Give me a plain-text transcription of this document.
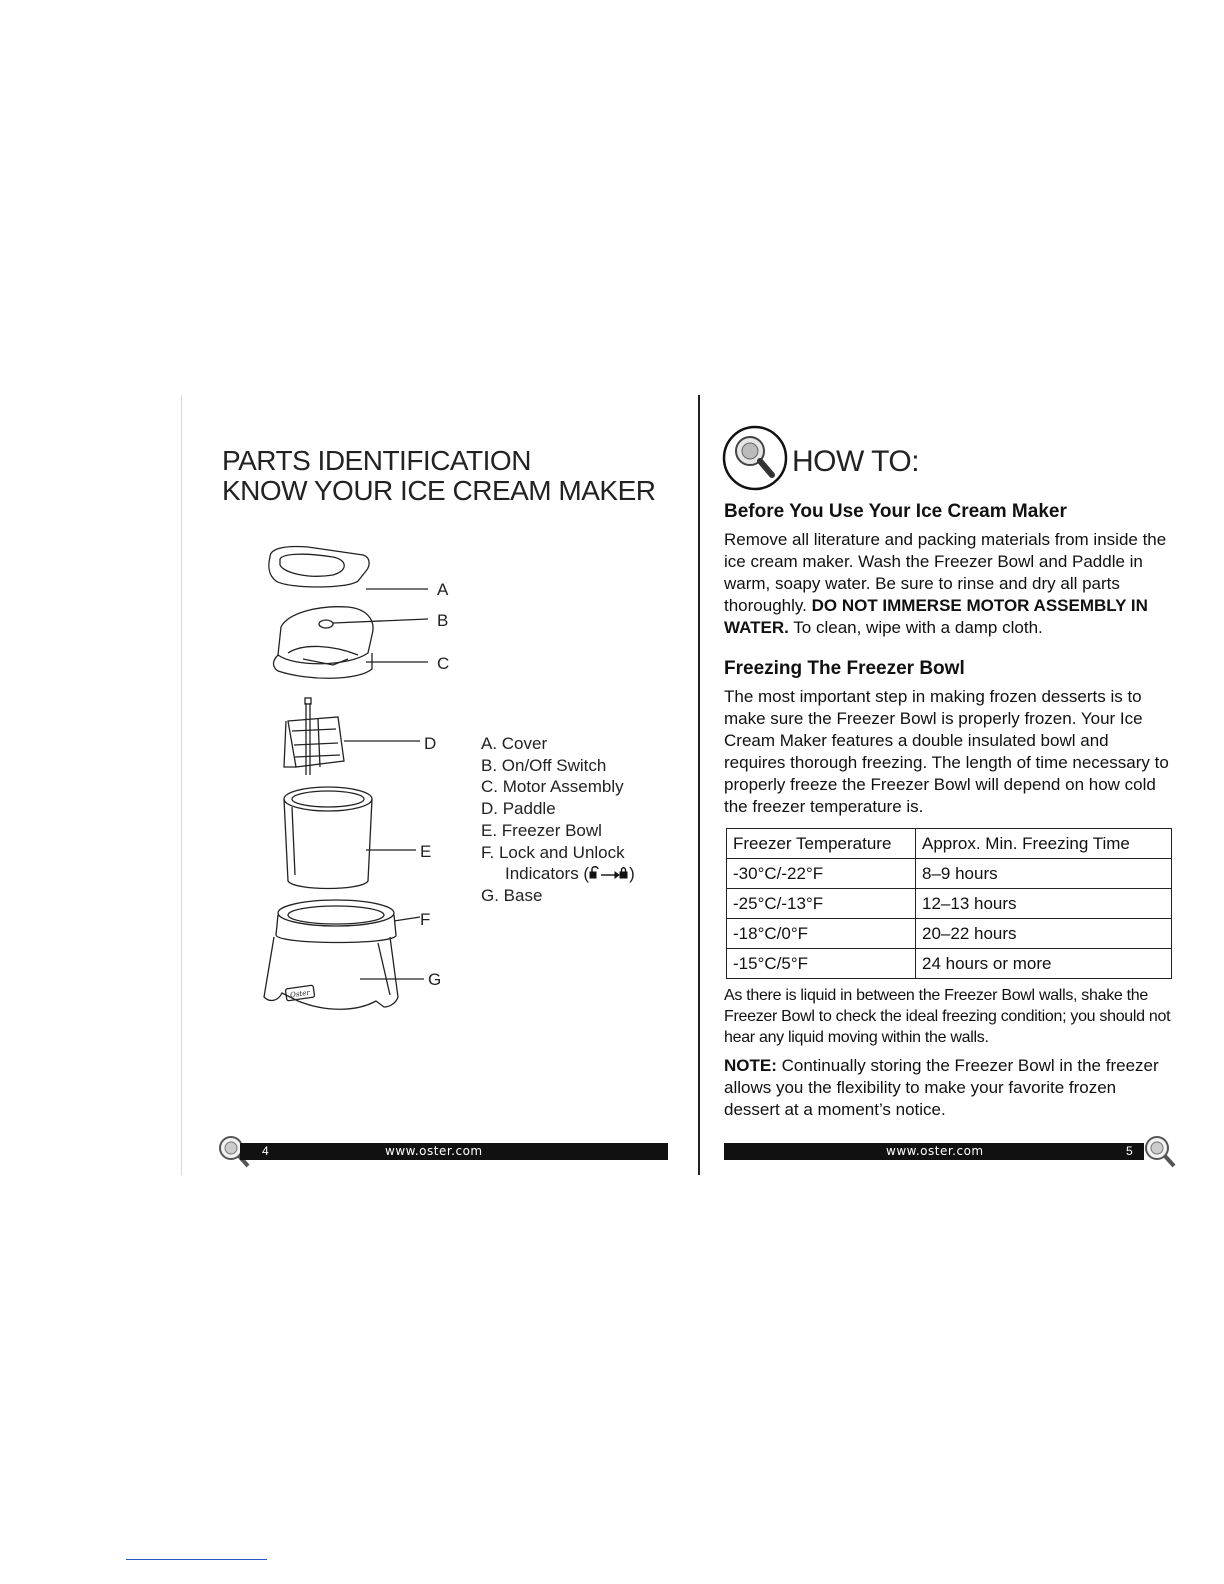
PARTS IDENTIFICATION
KNOW YOUR ICE CREAM MAKER
A
B
C
D
E
F
G
Oster
A. Cover
B. On/Off Switch
C. Motor Assembly
D. Paddle
E. Freezer Bowl
F. Lock and Unlock
Indicators ( )
G. Base
4	www.oster.com
HOW TO:
Before You Use Your Ice Cream Maker
Remove all literature and packing materials from inside the ice cream maker. Wash the Freezer Bowl and Paddle in warm, soapy water. Be sure to rinse and dry all parts thoroughly. DO NOT IMMERSE MOTOR ASSEMBLY IN WATER. To clean, wipe with a damp cloth.
Freezing The Freezer Bowl
The most important step in making frozen desserts is to make sure the Freezer Bowl is properly frozen. Your Ice Cream Maker features a double insulated bowl and requires thorough freezing. The length of time necessary to properly freeze the Freezer Bowl will depend on how cold the freezer temperature is.
Freezer Temperature	Approx. Min. Freezing Time
-30°C/-22°F	8–9 hours
-25°C/-13°F	12–13 hours
-18°C/0°F	20–22 hours
-15°C/5°F	24 hours or more
As there is liquid in between the Freezer Bowl walls, shake the Freezer Bowl to check the ideal freezing condition; you should not hear any liquid moving within the walls.
NOTE: Continually storing the Freezer Bowl in the freezer allows you the flexibility to make your favorite frozen dessert at a moment’s notice.
www.oster.com	5
